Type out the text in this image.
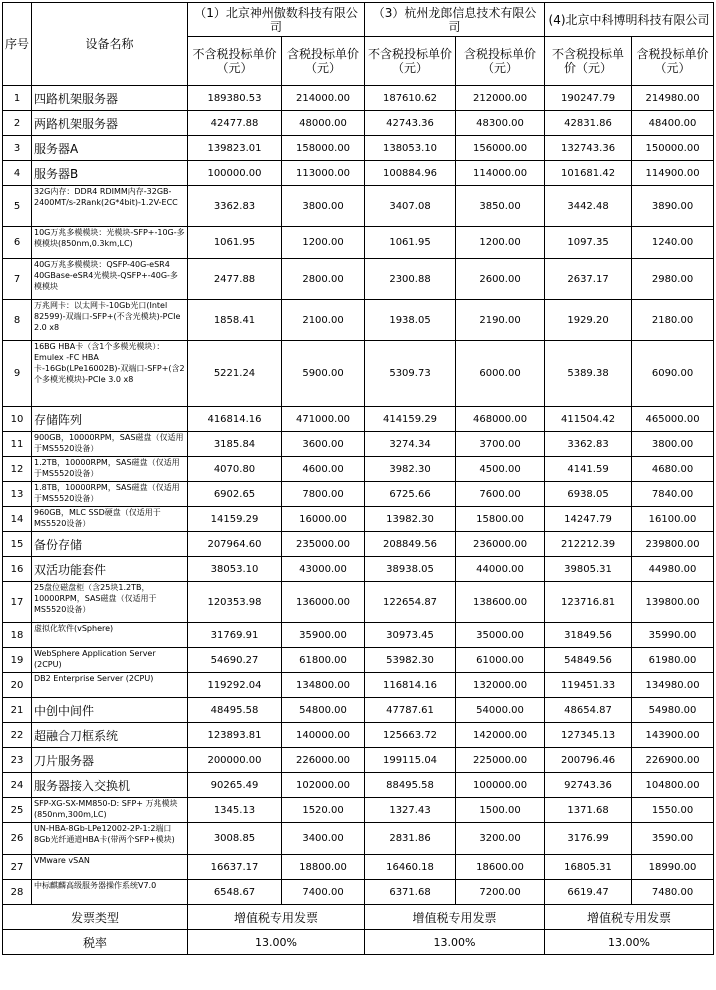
序号	设备名称	（1）北京神州傲数科技有限公司		（3）杭州龙郎信息技术有限公司		(4)北京中科博明科技有限公司	
		不含税投标单价（元）	含税投标单价（元）	不含税投标单价（元）	含税投标单价（元）	不含税投标单价（元）	含税投标单价（元）
1	四路机架服务器	189380.53	214000.00	187610.62	212000.00	190247.79	214980.00
2	两路机架服务器	42477.88	48000.00	42743.36	48300.00	42831.86	48400.00
3	服务器A	139823.01	158000.00	138053.10	156000.00	132743.36	150000.00
4	服务器B	100000.00	113000.00	100884.96	114000.00	101681.42	114900.00
5	32G内存：DDR4 RDIMM内存-32GB-2400MT/s-2Rank(2G*4bit)-1.2V-ECC	3362.83	3800.00	3407.08	3850.00	3442.48	3890.00
6	10G万兆多模模块：光模块-SFP+-10G-多模模块(850nm,0.3km,LC)	1061.95	1200.00	1061.95	1200.00	1097.35	1240.00
7	40G万兆多模模块：QSFP-40G-eSR4 40GBase-eSR4光模块-QSFP+-40G-多模模块	2477.88	2800.00	2300.88	2600.00	2637.17	2980.00
8	万兆网卡：以太网卡-10Gb光口(Intel 82599)-双端口-SFP+(不含光模块)-PCIe 2.0 x8	1858.41	2100.00	1938.05	2190.00	1929.20	2180.00
9	16BG HBA卡（含1个多模光模块）：Emulex -FC HBA卡-16Gb(LPe16002B)-双端口-SFP+(含2个多模光模块)-PCIe 3.0 x8	5221.24	5900.00	5309.73	6000.00	5389.38	6090.00
10	存储阵列	416814.16	471000.00	414159.29	468000.00	411504.42	465000.00
11	900GB，10000RPM，SAS磁盘（仅适用于MS5520设备）	3185.84	3600.00	3274.34	3700.00	3362.83	3800.00
12	1.2TB，10000RPM，SAS磁盘（仅适用于MS5520设备）	4070.80	4600.00	3982.30	4500.00	4141.59	4680.00
13	1.8TB，10000RPM，SAS磁盘（仅适用于MS5520设备）	6902.65	7800.00	6725.66	7600.00	6938.05	7840.00
14	960GB，MLC SSD硬盘（仅适用于MS5520设备）	14159.29	16000.00	13982.30	15800.00	14247.79	16100.00
15	备份存储	207964.60	235000.00	208849.56	236000.00	212212.39	239800.00
16	双活功能套件	38053.10	43000.00	38938.05	44000.00	39805.31	44980.00
17	25盘位磁盘柜（含25块1.2TB，10000RPM，SAS磁盘（仅适用于MS5520设备）	120353.98	136000.00	122654.87	138600.00	123716.81	139800.00
18	虚拟化软件(vSphere)	31769.91	35900.00	30973.45	35000.00	31849.56	35990.00
19	WebSphere Application Server (2CPU)	54690.27	61800.00	53982.30	61000.00	54849.56	61980.00
20	DB2 Enterprise Server (2CPU)	119292.04	134800.00	116814.16	132000.00	119451.33	134980.00
21	中创中间件	48495.58	54800.00	47787.61	54000.00	48654.87	54980.00
22	超融合刀框系统	123893.81	140000.00	125663.72	142000.00	127345.13	143900.00
23	刀片服务器	200000.00	226000.00	199115.04	225000.00	200796.46	226900.00
24	服务器接入交换机	90265.49	102000.00	88495.58	100000.00	92743.36	104800.00
25	SFP-XG-SX-MM850-D: SFP+ 万兆模块(850nm,300m,LC)	1345.13	1520.00	1327.43	1500.00	1371.68	1550.00
26	UN-HBA-8Gb-LPe12002-2P-1:2端口8Gb光纤通道HBA卡(带两个SFP+模块)	3008.85	3400.00	2831.86	3200.00	3176.99	3590.00
27	VMware vSAN	16637.17	18800.00	16460.18	18600.00	16805.31	18990.00
28	中标麒麟高级服务器操作系统V7.0	6548.67	7400.00	6371.68	7200.00	6619.47	7480.00
发票类型		增值税专用发票		增值税专用发票		增值税专用发票	
税率		13.00%		13.00%		13.00%	
